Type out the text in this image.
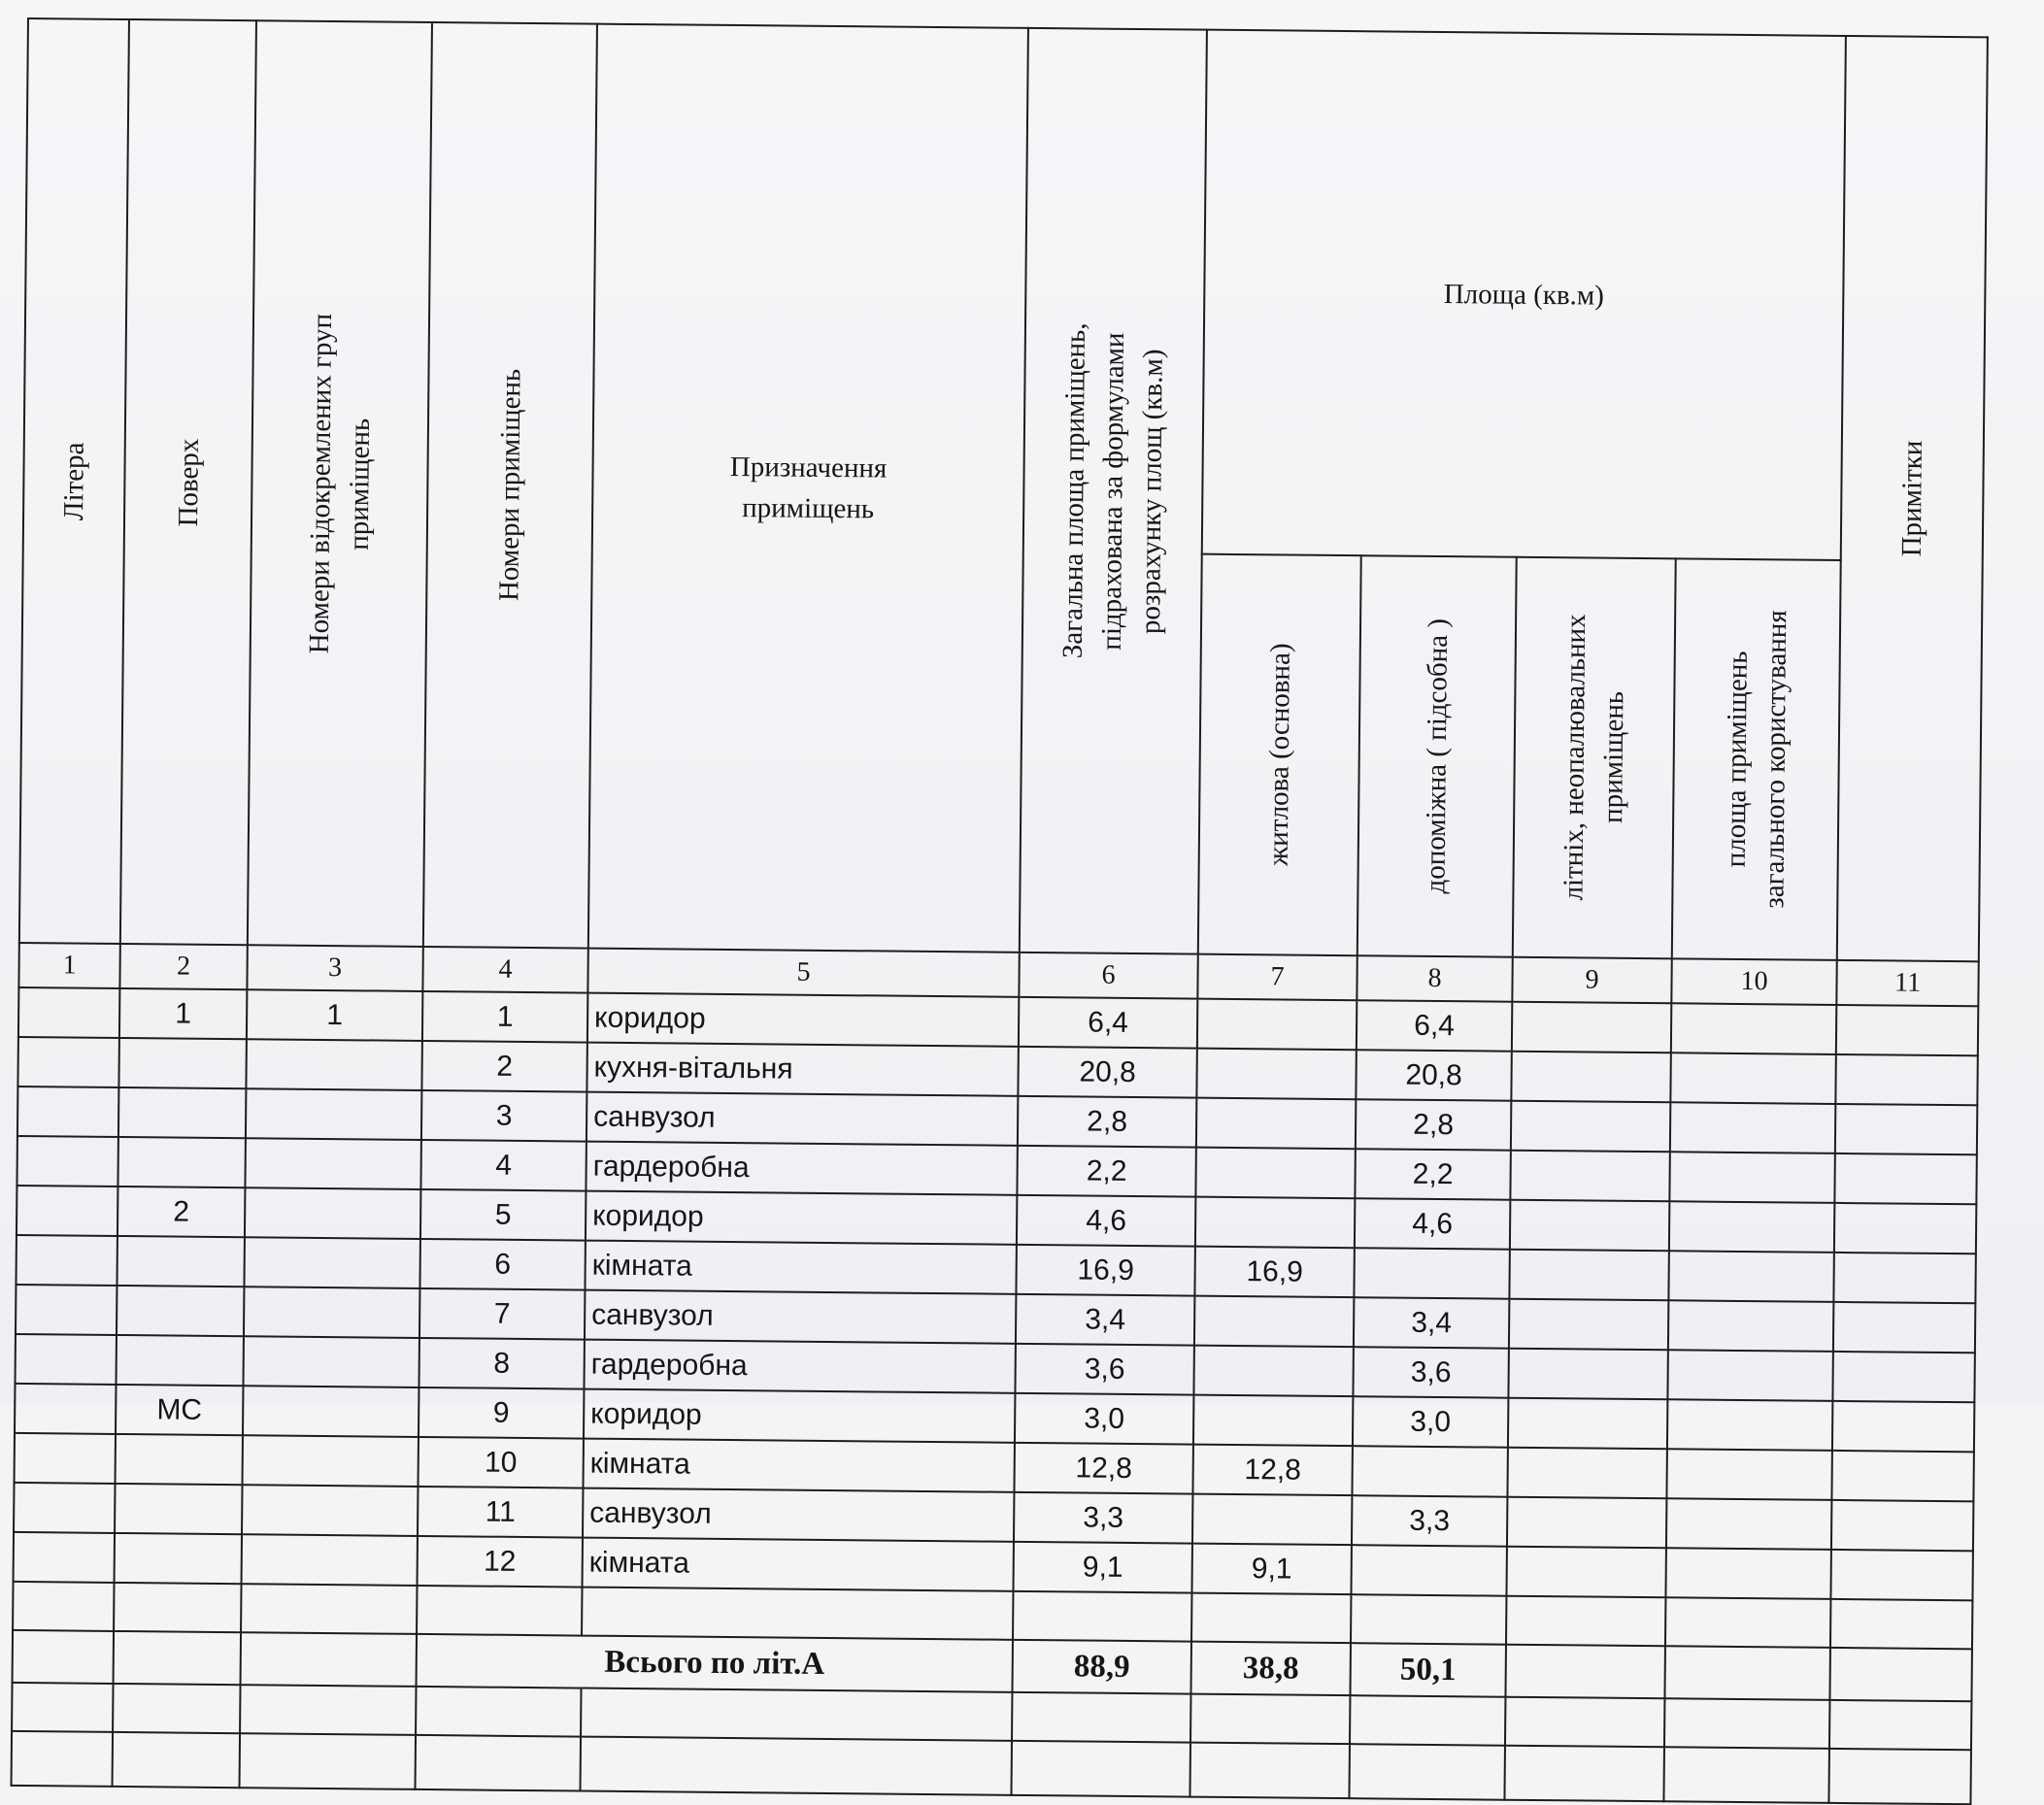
Літера	Поверх	Номери відокремлених груп
приміщень	Номери приміщень	Призначення
приміщень	Загальна площа приміщень,
підрахована за формулами
розрахунку площ (кв.м)	Площа (кв.м)				Примітки

						житлова (основна)	допоміжна ( підсобна )	літніх, неопалювальних
приміщень	площа приміщень
загального користування	

1	2	3	4	5	6	7	8	9	10	11
	1	1	1	коридор	6,4		6,4			
			2	кухня-вітальня	20,8		20,8			
			3	санвузол	2,8		2,8			
			4	гардеробна	2,2		2,2			
	2		5	коридор	4,6		4,6			
			6	кімната	16,9	16,9				
			7	санвузол	3,4		3,4			
			8	гардеробна	3,6		3,6			
	МС		9	коридор	3,0		3,0			
			10	кімната	12,8	12,8				
			11	санвузол	3,3		3,3			
			12	кімната	9,1	9,1				

			Всього по літ.А		88,9	38,8	50,1			
